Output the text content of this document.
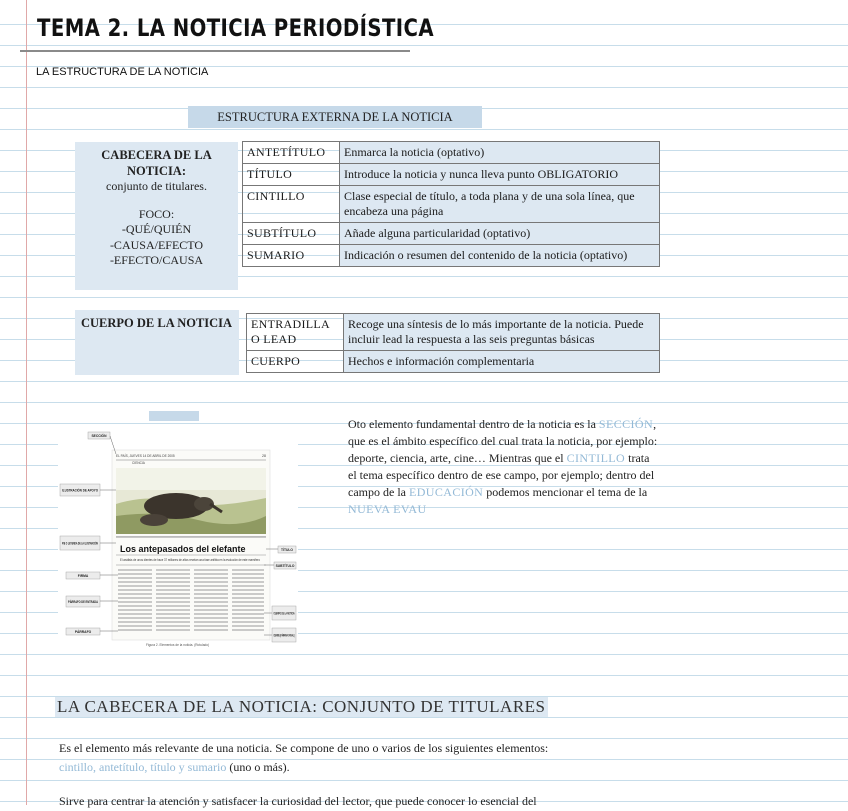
TEMA 2. LA NOTICIA PERIODÍSTICA
LA ESTRUCTURA DE LA NOTICIA
ESTRUCTURA EXTERNA DE LA NOTICIA
CABECERA DE LA NOTICIA:
conjunto de titulares.
FOCO:
-QUÉ/QUIÉN
-CAUSA/EFECTO
-EFECTO/CAUSA
ANTETÍTULO	Enmarca la noticia (optativo)
TÍTULO	Introduce la noticia y nunca lleva punto OBLIGATORIO
CINTILLO	Clase especial de título, a toda plana y de una sola línea, que encabeza una página
SUBTÍTULO	Añade alguna particularidad (optativo)
SUMARIO	Indicación o resumen del contenido de la noticia (optativo)
CUERPO DE LA NOTICIA	ENTRADILLA O LEAD	Recoge una síntesis de lo más importante de la noticia. Puede incluir lead la respuesta a las seis preguntas básicas
CUERPO	Hechos e información complementaria
EL PAÍS, JUEVES 14 DE ABRIL DE 2005
CIENCIA
28
Los antepasados del elefante
El análisis de unos dientes de hace 37 millones de años revelan una fase anfibia en la evolución de este mamífero
SECCIÓN
ILUSTRACIÓN DE APOYO
PIE O LEYENDA DE LA ILUSTRACIÓN
FIRMA
PÁRRAFO DE ENTRADA
PÁRRAFO
TÍTULO
SUBTÍTULO
CUERPO DE LA NOTICIA
Figura 2. Elementos de la noticia. (Rotulado)
Oto elemento fundamental dentro de la noticia es la SECCIÓN, que es el ámbito específico del cual trata la noticia, por ejemplo: deporte, ciencia, arte, cine… Mientras que el CINTILLO trata el tema específico dentro de ese campo, por ejemplo; dentro del campo de la EDUCACIÓN podemos mencionar el tema de la NUEVA EVAU
LA CABECERA DE LA NOTICIA: CONJUNTO DE TITULARES
Es el elemento más relevante de una noticia. Se compone de uno o varios de los siguientes elementos:
cintillo, antetítulo, título y sumario (uno o más).
Sirve para centrar la atención y satisfacer la curiosidad del lector, que puede conocer lo esencial del
